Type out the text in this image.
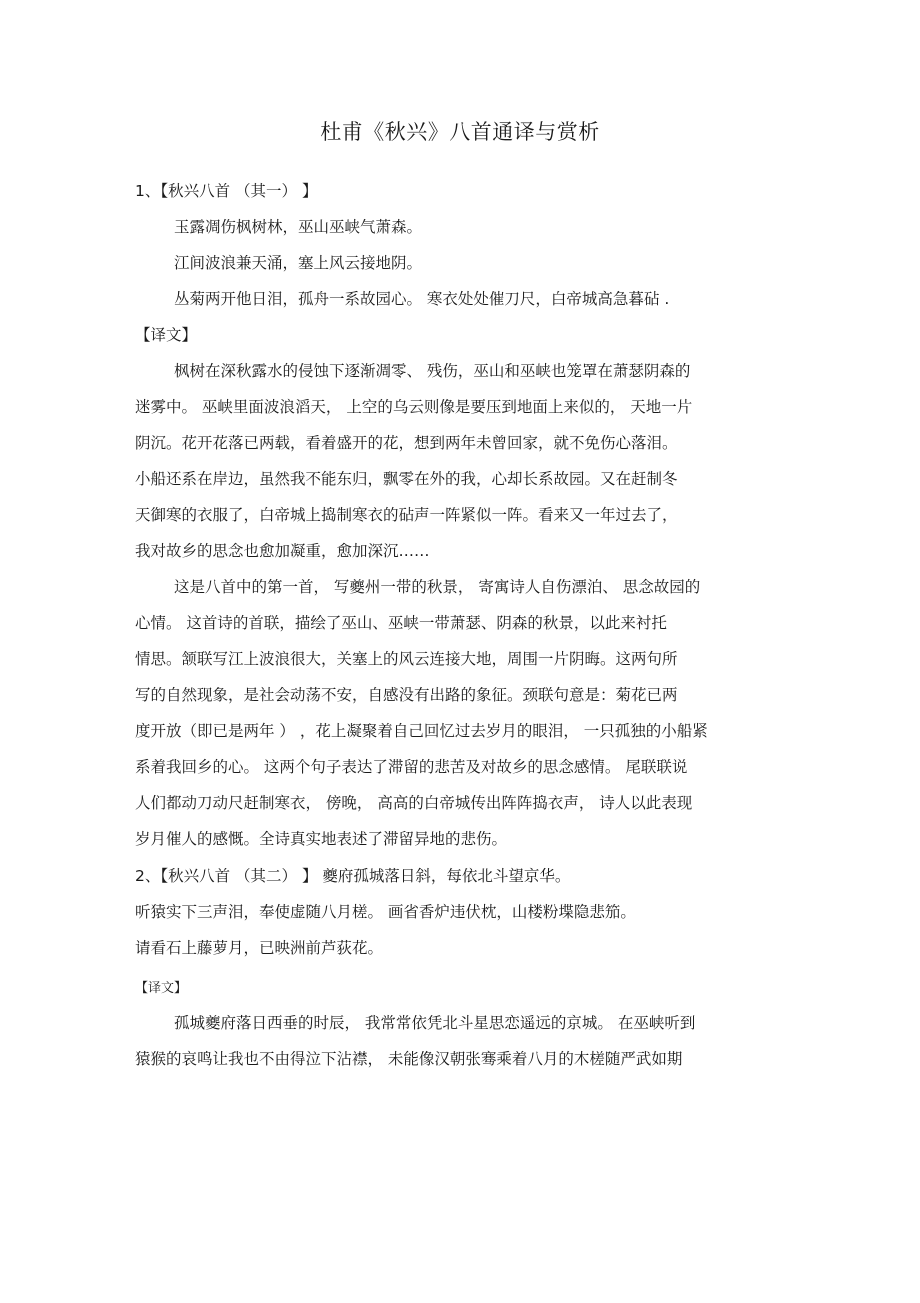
杜甫《秋兴》八首通译与赏析
1、【秋兴八首 （其一） 】
玉露凋伤枫树林，巫山巫峡气萧森。
江间波浪兼天涌，塞上风云接地阴。
丛菊两开他日泪，孤舟一系故园心。 寒衣处处催刀尺，白帝城高急暮砧 .
【译文】
枫树在深秋露水的侵蚀下逐渐凋零、 残伤，巫山和巫峡也笼罩在萧瑟阴森的
迷雾中。 巫峡里面波浪滔天， 上空的乌云则像是要压到地面上来似的， 天地一片
阴沉。花开花落已两载，看着盛开的花，想到两年未曾回家，就不免伤心落泪。
小船还系在岸边，虽然我不能东归，飘零在外的我，心却长系故园。又在赶制冬
天御寒的衣服了，白帝城上捣制寒衣的砧声一阵紧似一阵。看来又一年过去了，
我对故乡的思念也愈加凝重，愈加深沉……
这是八首中的第一首， 写夔州一带的秋景， 寄寓诗人自伤漂泊、 思念故园的
心情。 这首诗的首联，描绘了巫山、巫峡一带萧瑟、阴森的秋景，以此来衬托
情思。颔联写江上波浪很大，关塞上的风云连接大地，周围一片阴晦。这两句所
写的自然现象，是社会动荡不安，自感没有出路的象征。颈联句意是：菊花已两
度开放（即已是两年 ） ，花上凝聚着自己回忆过去岁月的眼泪， 一只孤独的小船紧
系着我回乡的心。 这两个句子表达了滞留的悲苦及对故乡的思念感情。 尾联联说
人们都动刀动尺赶制寒衣， 傍晚， 高高的白帝城传出阵阵捣衣声， 诗人以此表现
岁月催人的感慨。全诗真实地表述了滞留异地的悲伤。
2、【秋兴八首 （其二） 】 夔府孤城落日斜，每依北斗望京华。
听猿实下三声泪，奉使虚随八月槎。 画省香炉违伏枕，山楼粉堞隐悲笳。
请看石上藤萝月，已映洲前芦荻花。
【译文】
孤城夔府落日西垂的时辰， 我常常依凭北斗星思恋遥远的京城。 在巫峡听到
猿猴的哀鸣让我也不由得泣下沾襟， 未能像汉朝张骞乘着八月的木槎随严武如期
